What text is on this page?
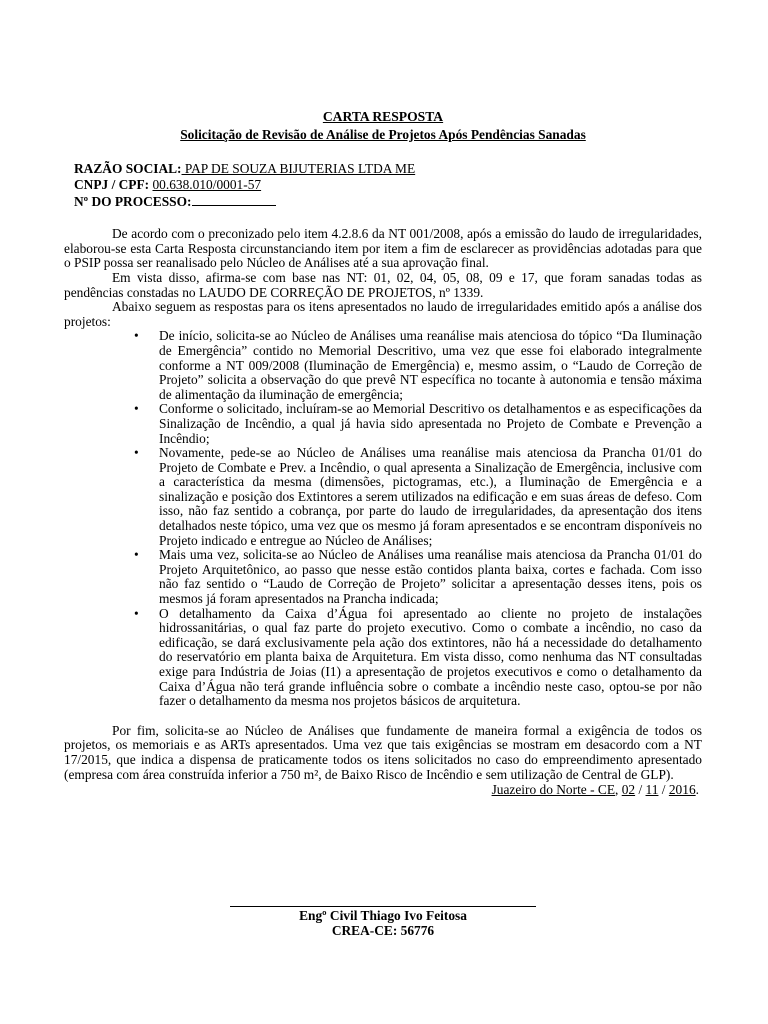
CARTA RESPOSTA
Solicitação de Revisão de Análise de Projetos Após Pendências Sanadas
RAZÃO SOCIAL: PAP DE SOUZA BIJUTERIAS LTDA ME
CNPJ / CPF: 00.638.010/0001-57
Nº DO PROCESSO:

De acordo com o preconizado pelo item 4.2.8.6 da NT 001/2008, após a emissão do laudo de irregularidades, elaborou-se esta Carta Resposta circunstanciando item por item a fim de esclarecer as providências adotadas para que o PSIP possa ser reanalisado pelo Núcleo de Análises até a sua aprovação final.

Em vista disso, afirma-se com base nas NT: 01, 02, 04, 05, 08, 09 e 17, que foram sanadas todas as pendências constadas no LAUDO DE CORREÇÃO DE PROJETOS, nº 1339.

Abaixo seguem as respostas para os itens apresentados no laudo de irregularidades emitido após a análise dos projetos:

• De início, solicita-se ao Núcleo de Análises uma reanálise mais atenciosa do tópico “Da Iluminação de Emergência” contido no Memorial Descritivo, uma vez que esse foi elaborado integralmente conforme a NT 009/2008 (Iluminação de Emergência) e, mesmo assim, o “Laudo de Correção de Projeto” solicita a observação do que prevê NT específica no tocante à autonomia e tensão máxima de alimentação da iluminação de emergência;
• Conforme o solicitado, incluíram-se ao Memorial Descritivo os detalhamentos e as especificações da Sinalização de Incêndio, a qual já havia sido apresentada no Projeto de Combate e Prevenção a Incêndio;
• Novamente, pede-se ao Núcleo de Análises uma reanálise mais atenciosa da Prancha 01/01 do Projeto de Combate e Prev. a Incêndio, o qual apresenta a Sinalização de Emergência, inclusive com a característica da mesma (dimensões, pictogramas, etc.), a Iluminação de Emergência e a sinalização e posição dos Extintores a serem utilizados na edificação e em suas áreas de defeso. Com isso, não faz sentido a cobrança, por parte do laudo de irregularidades, da apresentação dos itens detalhados neste tópico, uma vez que os mesmo já foram apresentados e se encontram disponíveis no Projeto indicado e entregue ao Núcleo de Análises;
• Mais uma vez, solicita-se ao Núcleo de Análises uma reanálise mais atenciosa da Prancha 01/01 do Projeto Arquitetônico, ao passo que nesse estão contidos planta baixa, cortes e fachada. Com isso não faz sentido o “Laudo de Correção de Projeto” solicitar a apresentação desses itens, pois os mesmos já foram apresentados na Prancha indicada;
• O detalhamento da Caixa d’Água foi apresentado ao cliente no projeto de instalações hidrossanitárias, o qual faz parte do projeto executivo. Como o combate a incêndio, no caso da edificação, se dará exclusivamente pela ação dos extintores, não há a necessidade do detalhamento do reservatório em planta baixa de Arquitetura. Em vista disso, como nenhuma das NT consultadas exige para Indústria de Joias (I1) a apresentação de projetos executivos e como o detalhamento da Caixa d’Água não terá grande influência sobre o combate a incêndio neste caso, optou-se por não fazer o detalhamento da mesma nos projetos básicos de arquitetura.

Por fim, solicita-se ao Núcleo de Análises que fundamente de maneira formal a exigência de todos os projetos, os memoriais e as ARTs apresentados. Uma vez que tais exigências se mostram em desacordo com a NT 17/2015, que indica a dispensa de praticamente todos os itens solicitados no caso do empreendimento apresentado (empresa com área construída inferior a 750 m², de Baixo Risco de Incêndio e sem utilização de Central de GLP).

Juazeiro do Norte - CE, 02 / 11 / 2016.
Engº Civil Thiago Ivo Feitosa
CREA-CE: 56776
